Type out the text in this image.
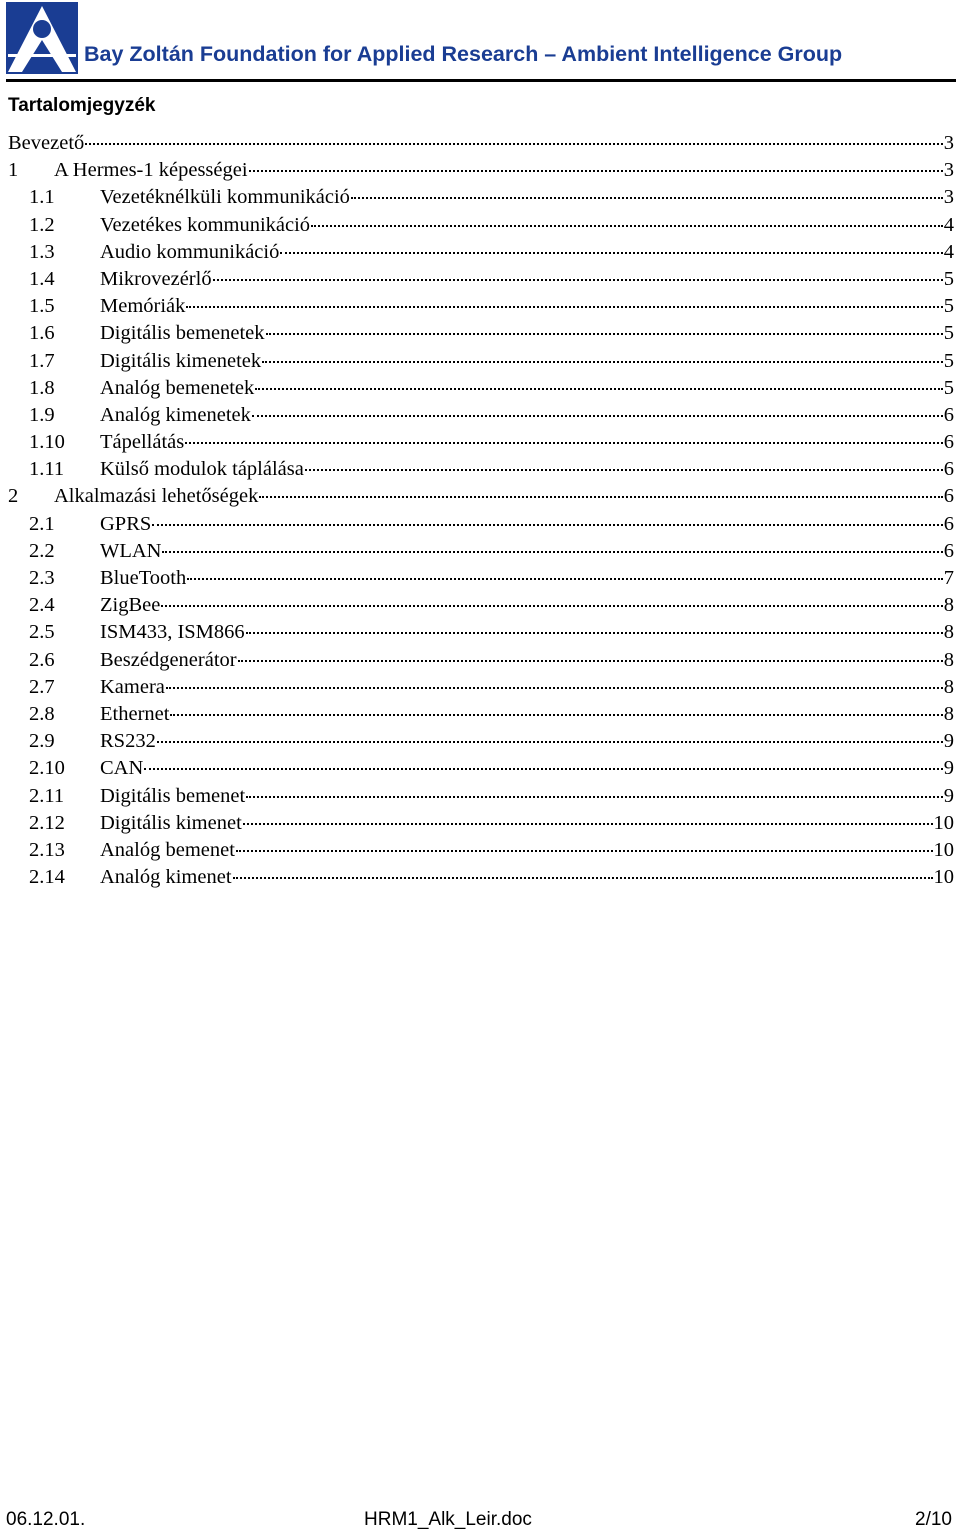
Bay Zoltán Foundation for Applied Research – Ambient Intelligence Group
Tartalomjegyzék
Bevezető	3
1	A Hermes-1 képességei	3
1.1	Vezetéknélküli kommunikáció	3
1.2	Vezetékes kommunikáció	4
1.3	Audio kommunikáció	4
1.4	Mikrovezérlő	5
1.5	Memóriák	5
1.6	Digitális bemenetek	5
1.7	Digitális kimenetek	5
1.8	Analóg bemenetek	5
1.9	Analóg kimenetek	6
1.10	Tápellátás	6
1.11	Külső modulok táplálása	6
2	Alkalmazási lehetőségek	6
2.1	GPRS	6
2.2	WLAN	6
2.3	BlueTooth	7
2.4	ZigBee	8
2.5	ISM433, ISM866	8
2.6	Beszédgenerátor	8
2.7	Kamera	8
2.8	Ethernet	8
2.9	RS232	9
2.10	CAN	9
2.11	Digitális bemenet	9
2.12	Digitális kimenet	10
2.13	Analóg bemenet	10
2.14	Analóg kimenet	10
06.12.01.	HRM1_Alk_Leir.doc	2/10
